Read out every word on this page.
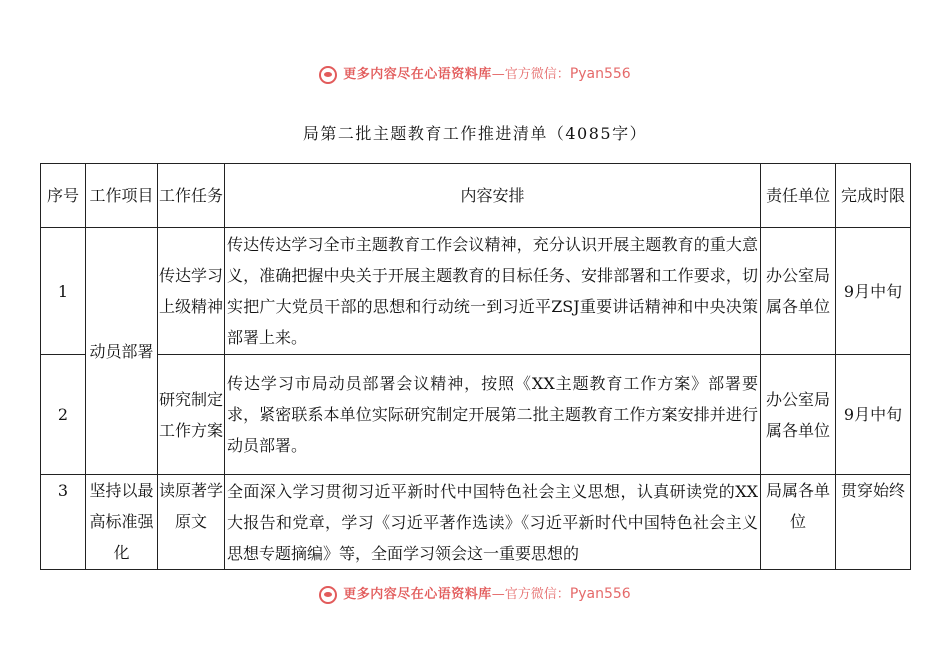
更多内容尽在心语资料库—官方微信：Pyan556
局第二批主题教育工作推进清单（4085字）
序号	工作项目	工作任务	内容安排	责任单位	完成时限
1	动员部署	传达学习上级精神	传达传达学习全市主题教育工作会议精神，充分认识开展主题教育的重大意义，准确把握中央关于开展主题教育的目标任务、安排部署和工作要求，切实把广大党员干部的思想和行动统一到习近平ZSJ重要讲话精神和中央决策部署上来。	办公室局属各单位	9月中旬
2		研究制定工作方案	传达学习市局动员部署会议精神，按照《XX主题教育工作方案》部署要求，紧密联系本单位实际研究制定开展第二批主题教育工作方案安排并进行动员部署。	办公室局属各单位	9月中旬
3	坚持以最高标准强化	读原著学原文	全面深入学习贯彻习近平新时代中国特色社会主义思想，认真研读党的XX大报告和党章，学习《习近平著作选读》《习近平新时代中国特色社会主义思想专题摘编》等，全面学习领会这一重要思想的	局属各单位	贯穿始终
更多内容尽在心语资料库—官方微信：Pyan556
